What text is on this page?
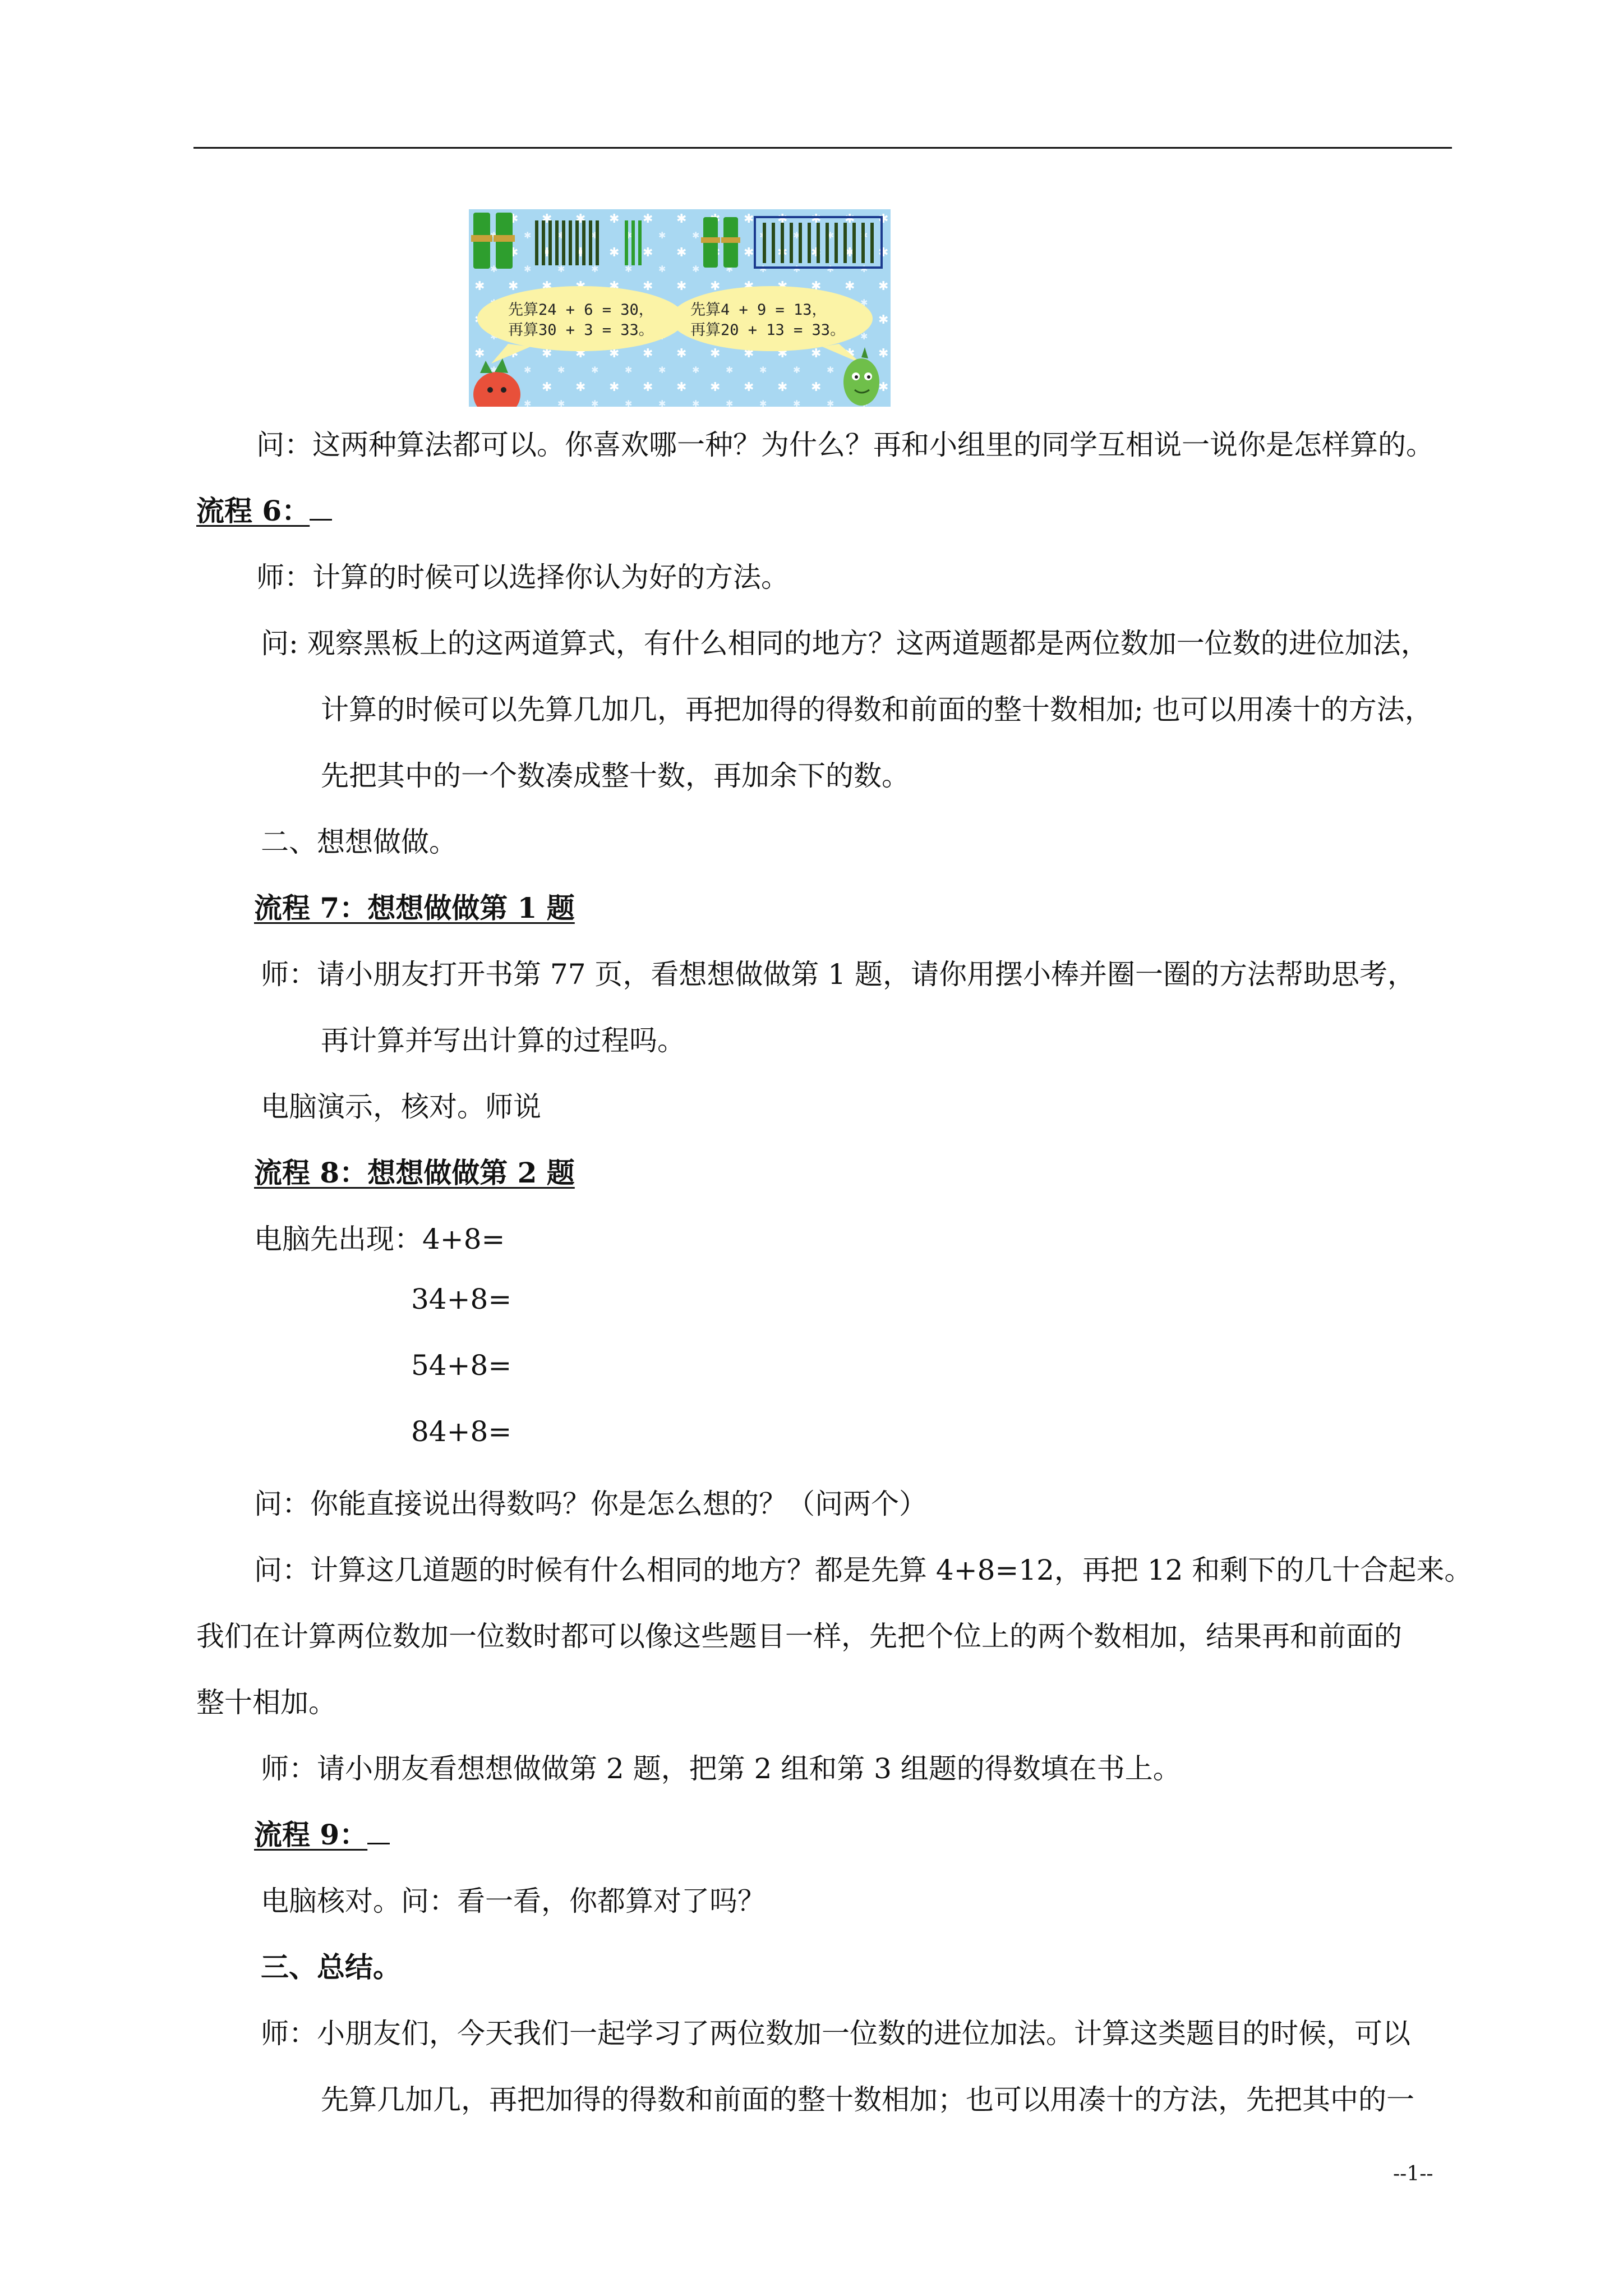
先算24 + 6 = 30，
再算30 + 3 = 33。
先算4 + 9 = 13，
再算20 + 13 = 33。
问：这两种算法都可以。你喜欢哪一种？为什么？再和小组里的同学互相说一说你是怎样算的。
流程 6：
师：计算的时候可以选择你认为好的方法。
问: 观察黑板上的这两道算式，有什么相同的地方？这两道题都是两位数加一位数的进位加法，
计算的时候可以先算几加几，再把加得的得数和前面的整十数相加; 也可以用凑十的方法，
先把其中的一个数凑成整十数，再加余下的数。
二、想想做做。
流程 7：想想做做第 1 题
师：请小朋友打开书第 77 页，看想想做做第 1 题，请你用摆小棒并圈一圈的方法帮助思考，
再计算并写出计算的过程吗。
电脑演示，核对。师说
流程 8：想想做做第 2 题
电脑先出现：4+8=
34+8=
54+8=
84+8=
问：你能直接说出得数吗？你是怎么想的？（问两个）
问：计算这几道题的时候有什么相同的地方？都是先算 4+8=12，再把 12 和剩下的几十合起来。
我们在计算两位数加一位数时都可以像这些题目一样，先把个位上的两个数相加，结果再和前面的
整十相加。
师：请小朋友看想想做做第 2 题，把第 2 组和第 3 组题的得数填在书上。
流程 9：
电脑核对。问：看一看，你都算对了吗？
三、总结。
师：小朋友们，今天我们一起学习了两位数加一位数的进位加法。计算这类题目的时候，可以
先算几加几，再把加得的得数和前面的整十数相加；也可以用凑十的方法，先把其中的一
--1--
